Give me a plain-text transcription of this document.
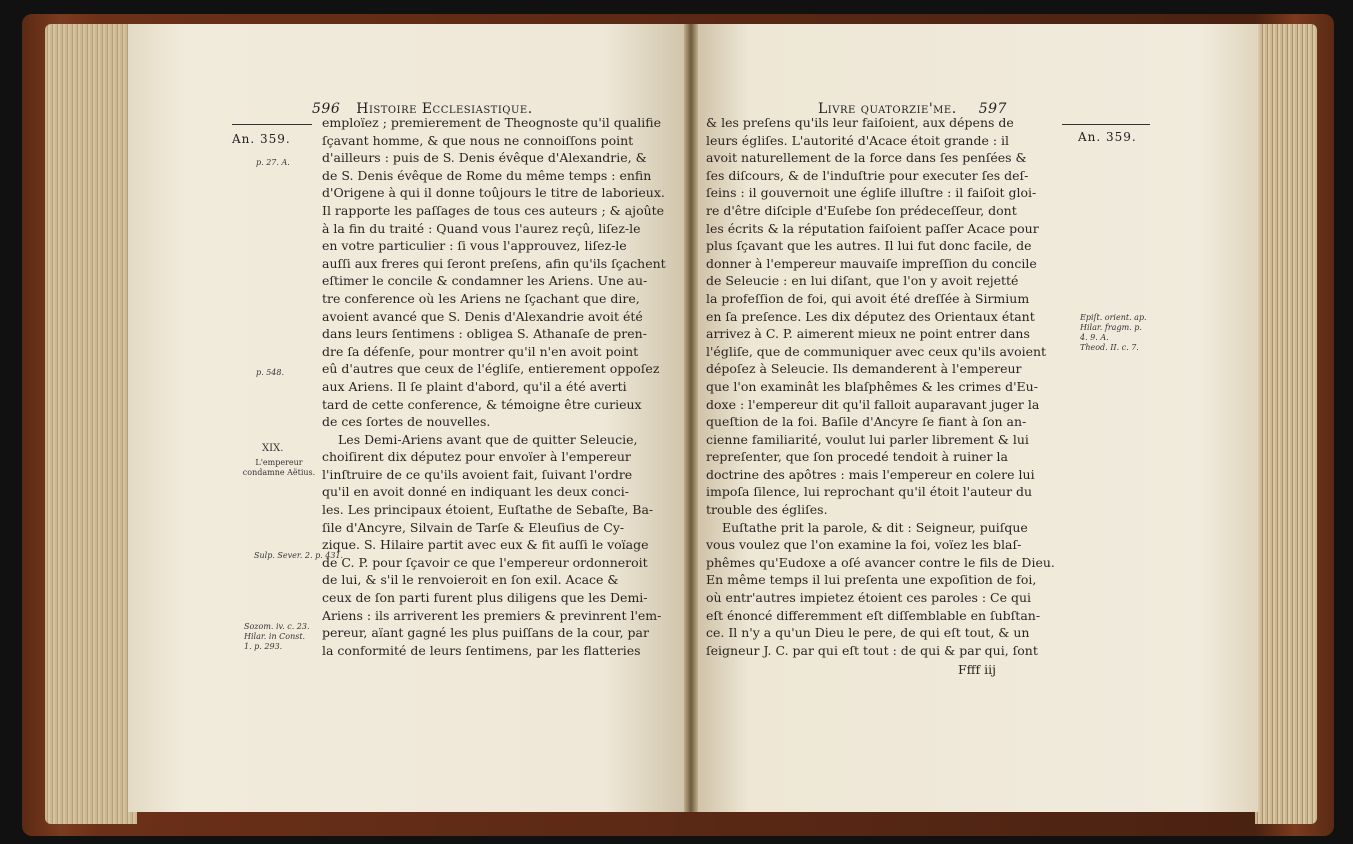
596 Histoire Ecclesiastique.
An. 359.
p. 27. A.
p. 548.
XIX.
L'empereur condamne Aëtius.
Sulp. Sever. 2. p. 431.
Sozom. iv. c. 23.
Hilar. in Const.
1. p. 293.
emploïez ; premierement de Theognoste qu'il qualifie
ſçavant homme, & que nous ne connoiſſons point
d'ailleurs : puis de S. Denis évêque d'Alexandrie, &
de S. Denis évêque de Rome du même temps : enfin
d'Origene à qui il donne toûjours le titre de laborieux.
Il rapporte les paſſages de tous ces auteurs ; & ajoûte
à la fin du traité : Quand vous l'aurez reçû, liſez-le
en votre particulier : ſi vous l'approuvez, liſez-le
auſſi aux freres qui ſeront preſens, afin qu'ils ſçachent
eſtimer le concile & condamner les Ariens. Une au-
tre conference où les Ariens ne ſçachant que dire,
avoient avancé que S. Denis d'Alexandrie avoit été
dans leurs ſentimens : obligea S. Athanaſe de pren-
dre ſa défenſe, pour montrer qu'il n'en avoit point
eû d'autres que ceux de l'égliſe, entierement oppoſez
aux Ariens. Il ſe plaint d'abord, qu'il a été averti
tard de cette conference, & témoigne être curieux
de ces ſortes de nouvelles.
Les Demi-Ariens avant que de quitter Seleucie,
choiſirent dix députez pour envoïer à l'empereur
l'inſtruire de ce qu'ils avoient fait, ſuivant l'ordre
qu'il en avoit donné en indiquant les deux conci-
les. Les principaux étoient, Euſtathe de Sebaſte, Ba-
ſile d'Ancyre, Silvain de Tarſe & Eleuſius de Cy-
zique. S. Hilaire partit avec eux & fit auſſi le voïage
de C. P. pour ſçavoir ce que l'empereur ordonneroit
de lui, & s'il le renvoieroit en ſon exil. Acace &
ceux de ſon parti furent plus diligens que les Demi-
Ariens : ils arriverent les premiers & previnrent l'em-
pereur, aïant gagné les plus puiſſans de la cour, par
la conformité de leurs ſentimens, par les flatteries
Livre quatorzie'me. 597
An. 359.
Epiſt. orient. ap.
Hilar. fragm. p.
4. 9. A.
Theod. II. c. 7.
& les preſens qu'ils leur faiſoient, aux dépens de
leurs égliſes. L'autorité d'Acace étoit grande : il
avoit naturellement de la force dans ſes penſées &
ſes diſcours, & de l'induſtrie pour executer ſes deſ-
ſeins : il gouvernoit une égliſe illuſtre : il faiſoit gloi-
re d'être diſciple d'Euſebe ſon prédeceſſeur, dont
les écrits & la réputation faiſoient paſſer Acace pour
plus ſçavant que les autres. Il lui fut donc facile, de
donner à l'empereur mauvaiſe impreſſion du concile
de Seleucie : en lui diſant, que l'on y avoit rejetté
la profeſſion de foi, qui avoit été dreſſée à Sirmium
en ſa preſence. Les dix députez des Orientaux étant
arrivez à C. P. aimerent mieux ne point entrer dans
l'égliſe, que de communiquer avec ceux qu'ils avoient
dépoſez à Seleucie. Ils demanderent à l'empereur
que l'on examinât les blaſphêmes & les crimes d'Eu-
doxe : l'empereur dit qu'il falloit auparavant juger la
queſtion de la foi. Baſile d'Ancyre ſe fiant à ſon an-
cienne familiarité, voulut lui parler librement & lui
repreſenter, que ſon procedé tendoit à ruiner la
doctrine des apôtres : mais l'empereur en colere lui
impoſa ſilence, lui reprochant qu'il étoit l'auteur du
trouble des égliſes.
Euſtathe prit la parole, & dit : Seigneur, puiſque
vous voulez que l'on examine la foi, voïez les blaſ-
phêmes qu'Eudoxe a oſé avancer contre le fils de Dieu.
En même temps il lui preſenta une expoſition de foi,
où entr'autres impietez étoient ces paroles : Ce qui
eſt énoncé differemment eſt diſſemblable en ſubſtan-
ce. Il n'y a qu'un Dieu le pere, de qui eſt tout, & un
ſeigneur J. C. par qui eſt tout : de qui & par qui, ſont
Ffff iij
